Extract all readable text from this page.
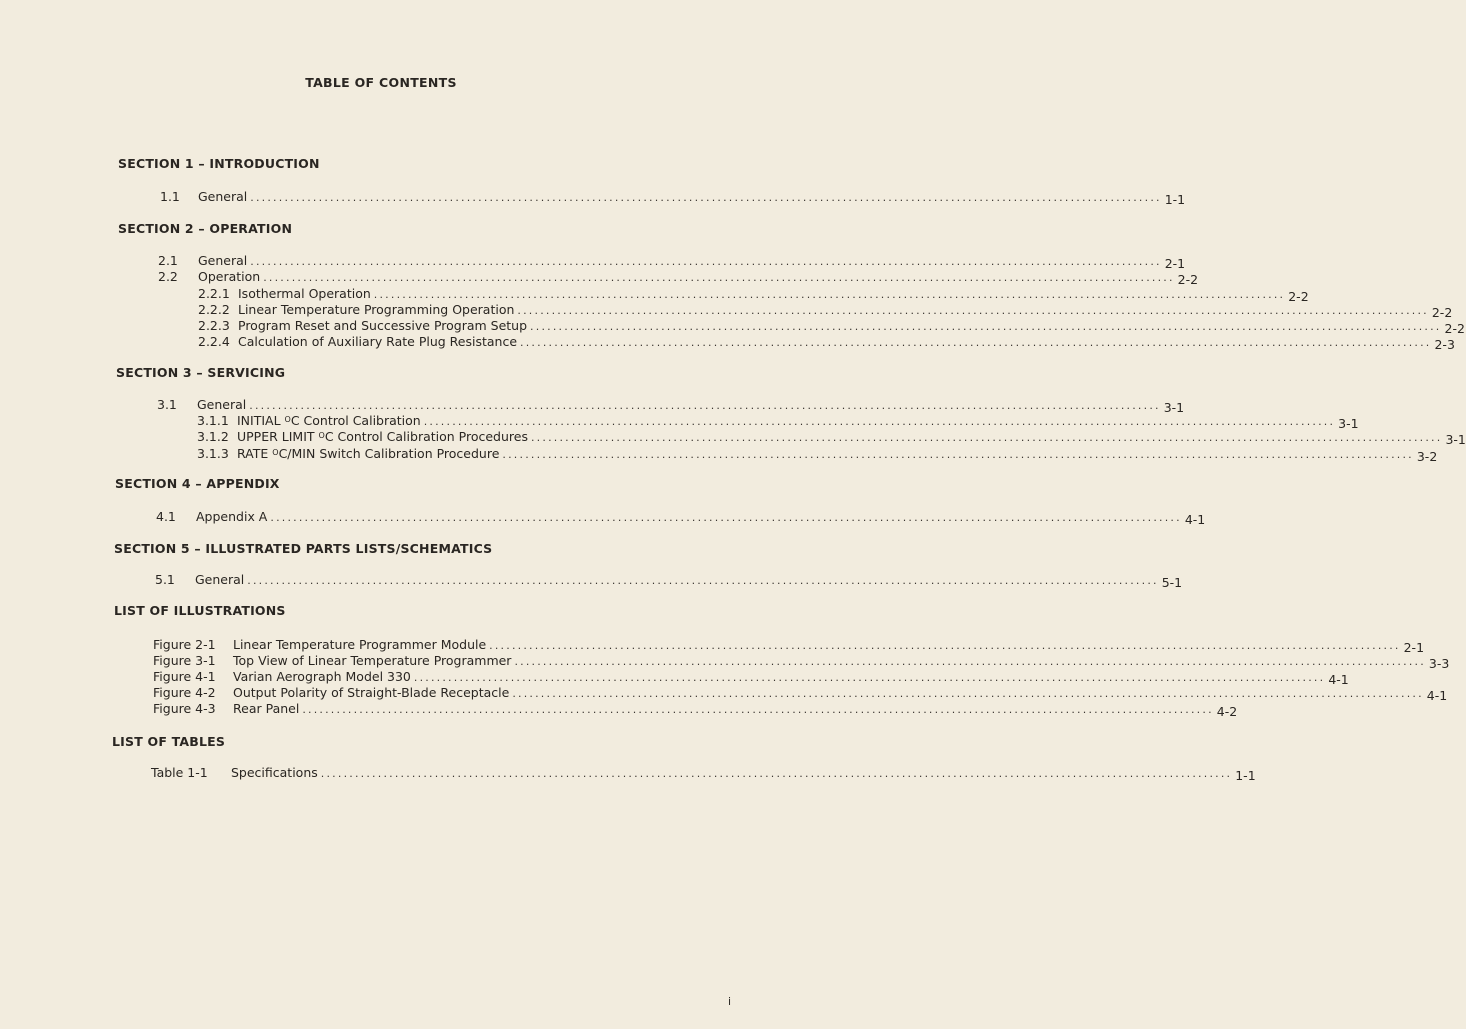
TABLE OF CONTENTS
SECTION 1 – INTRODUCTION
1.1	General ................................................................................................................................................................ 1-1
SECTION 2 – OPERATION
2.1	General ................................................................................................................................................................ 2-1
2.2	Operation ................................................................................................................................................................ 2-2
2.2.1 Isothermal Operation ................................................................................................................................................................ 2-2
2.2.2 Linear Temperature Programming Operation ................................................................................................................................................................ 2-2
2.2.3 Program Reset and Successive Program Setup ................................................................................................................................................................ 2-2
2.2.4 Calculation of Auxiliary Rate Plug Resistance ................................................................................................................................................................ 2-3
SECTION 3 – SERVICING
3.1	General ................................................................................................................................................................ 3-1
3.1.1 INITIAL $^O$C Control Calibration ................................................................................................................................................................ 3-1
3.1.2 UPPER LIMIT $^O$C Control Calibration Procedures ................................................................................................................................................................ 3-1
3.1.3 RATE $^O$C/MIN Switch Calibration Procedure ................................................................................................................................................................ 3-2
SECTION 4 – APPENDIX
4.1	Appendix A ................................................................................................................................................................ 4-1
SECTION 5 – ILLUSTRATED PARTS LISTS/SCHEMATICS
5.1	General ................................................................................................................................................................ 5-1
LIST OF ILLUSTRATIONS
Figure 2-1	Linear Temperature Programmer Module ................................................................................................................................................................ 2-1
Figure 3-1	Top View of Linear Temperature Programmer ................................................................................................................................................................ 3-3
Figure 4-1	Varian Aerograph Model 330 ................................................................................................................................................................ 4-1
Figure 4-2	Output Polarity of Straight-Blade Receptacle ................................................................................................................................................................ 4-1
Figure 4-3	Rear Panel ................................................................................................................................................................ 4-2
LIST OF TABLES
Table 1-1	Specifications ................................................................................................................................................................ 1-1
i
